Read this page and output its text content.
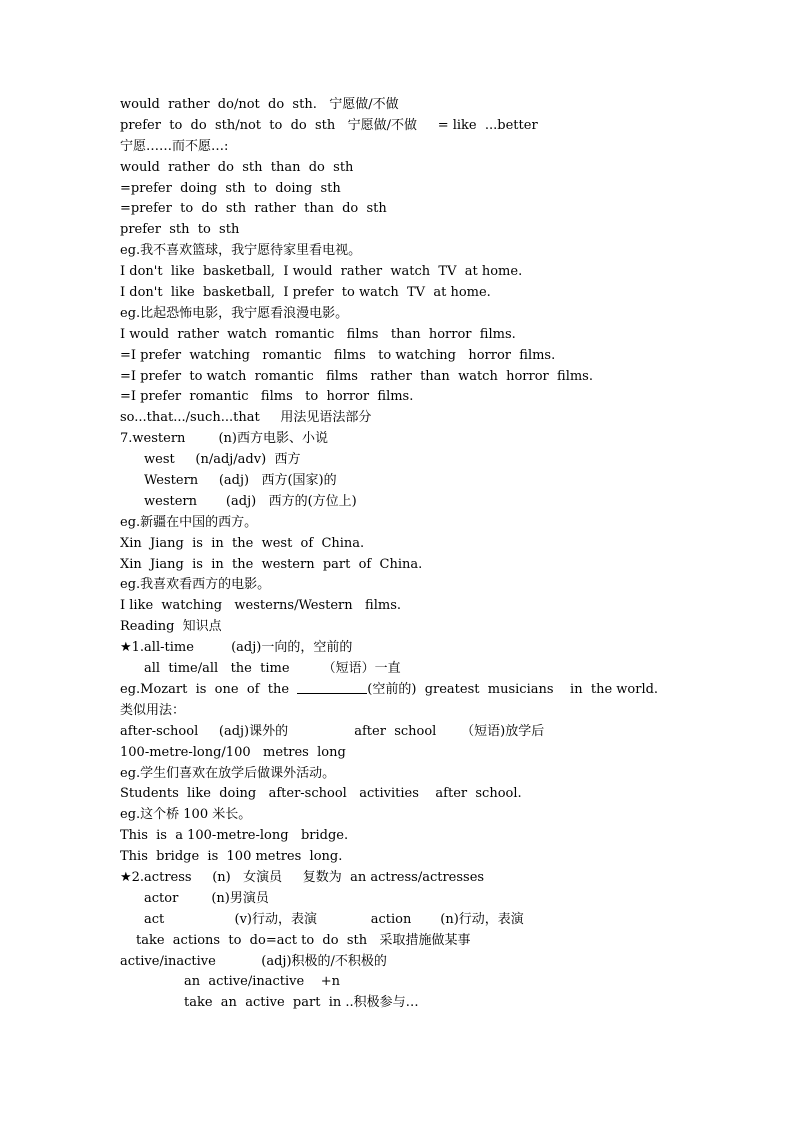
would  rather  do/not  do  sth.   宁愿做/不做
prefer  to  do  sth/not  to  do  sth   宁愿做/不做     = like  ...better
宁愿……而不愿…:
would  rather  do  sth  than  do  sth
=prefer  doing  sth  to  doing  sth
=prefer  to  do  sth  rather  than  do  sth
prefer  sth  to  sth
eg.我不喜欢篮球，我宁愿待家里看电视。
I don't  like  basketball,  I would  rather  watch  TV  at home.
I don't  like  basketball,  I prefer  to watch  TV  at home.
eg.比起恐怖电影，我宁愿看浪漫电影。
I would  rather  watch  romantic   films   than  horror  films.
=I prefer  watching   romantic   films   to watching   horror  films.
=I prefer  to watch  romantic   films   rather  than  watch  horror  films.
=I prefer  romantic   films   to  horror  films.
so...that.../such...that     用法见语法部分
7.western        (n)西方电影、小说
west     (n/adj/adv)  西方
Western     (adj)   西方(国家)的
western       (adj)   西方的(方位上)
eg.新疆在中国的西方。
Xin  Jiang  is  in  the  west  of  China.
Xin  Jiang  is  in  the  western  part  of  China.
eg.我喜欢看西方的电影。
I like  watching   westerns/Western   films.
Reading  知识点
★1.all-time         (adj)一向的，空前的
all  time/all   the  time        （短语）一直
eg.Mozart  is  one  of  the	(空前的)  greatest  musicians    in  the world.
类似用法：
after-school     (adj)课外的                after  school      （短语)放学后
100-metre-long/100   metres  long
eg.学生们喜欢在放学后做课外活动。
Students  like  doing   after-school   activities    after  school.
eg.这个桥 100 米长。
This  is  a 100-metre-long   bridge.
This  bridge  is  100 metres  long.
★2.actress     (n)   女演员     复数为  an actress/actresses
actor        (n)男演员
act                 (v)行动，表演             action       (n)行动，表演
take  actions  to  do=act to  do  sth   采取措施做某事
active/inactive           (adj)积极的/不积极的
an  active/inactive    +n
take  an  active  part  in ..积极参与…
